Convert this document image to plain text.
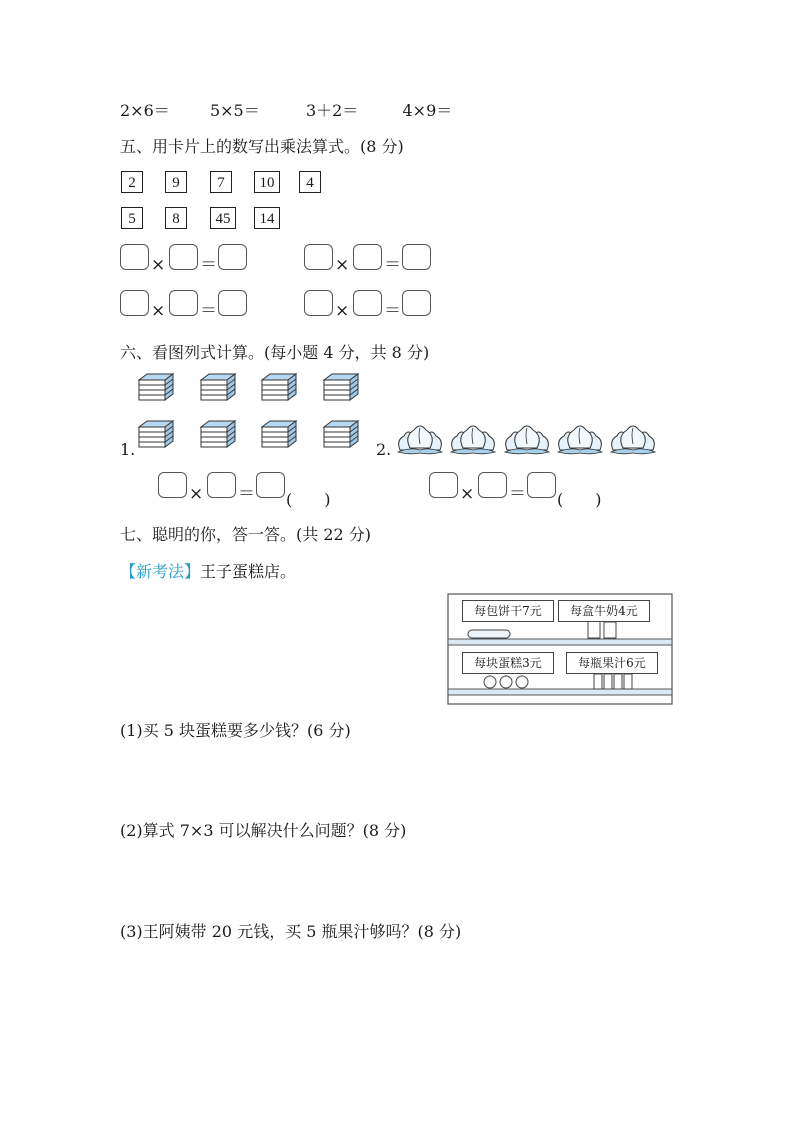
2×6＝	5×5＝	3＋2＝	4×9＝
五、用卡片上的数写出乘法算式。(8 分)
2	9	7	10	4
5	8	45	14
× ＝	× ＝
× ＝	× ＝
六、看图列式计算。(每小题 4 分，共 8 分)
1.	2.
× ＝ (　　)	× ＝ (　　)
七、聪明的你，答一答。(共 22 分)
【新考法】王子蛋糕店。
每包饼干7元	每盒牛奶4元
每块蛋糕3元	每瓶果汁6元
(1)买 5 块蛋糕要多少钱？(6 分)
(2)算式 7×3 可以解决什么问题？(8 分)
(3)王阿姨带 20 元钱，买 5 瓶果汁够吗？(8 分)
